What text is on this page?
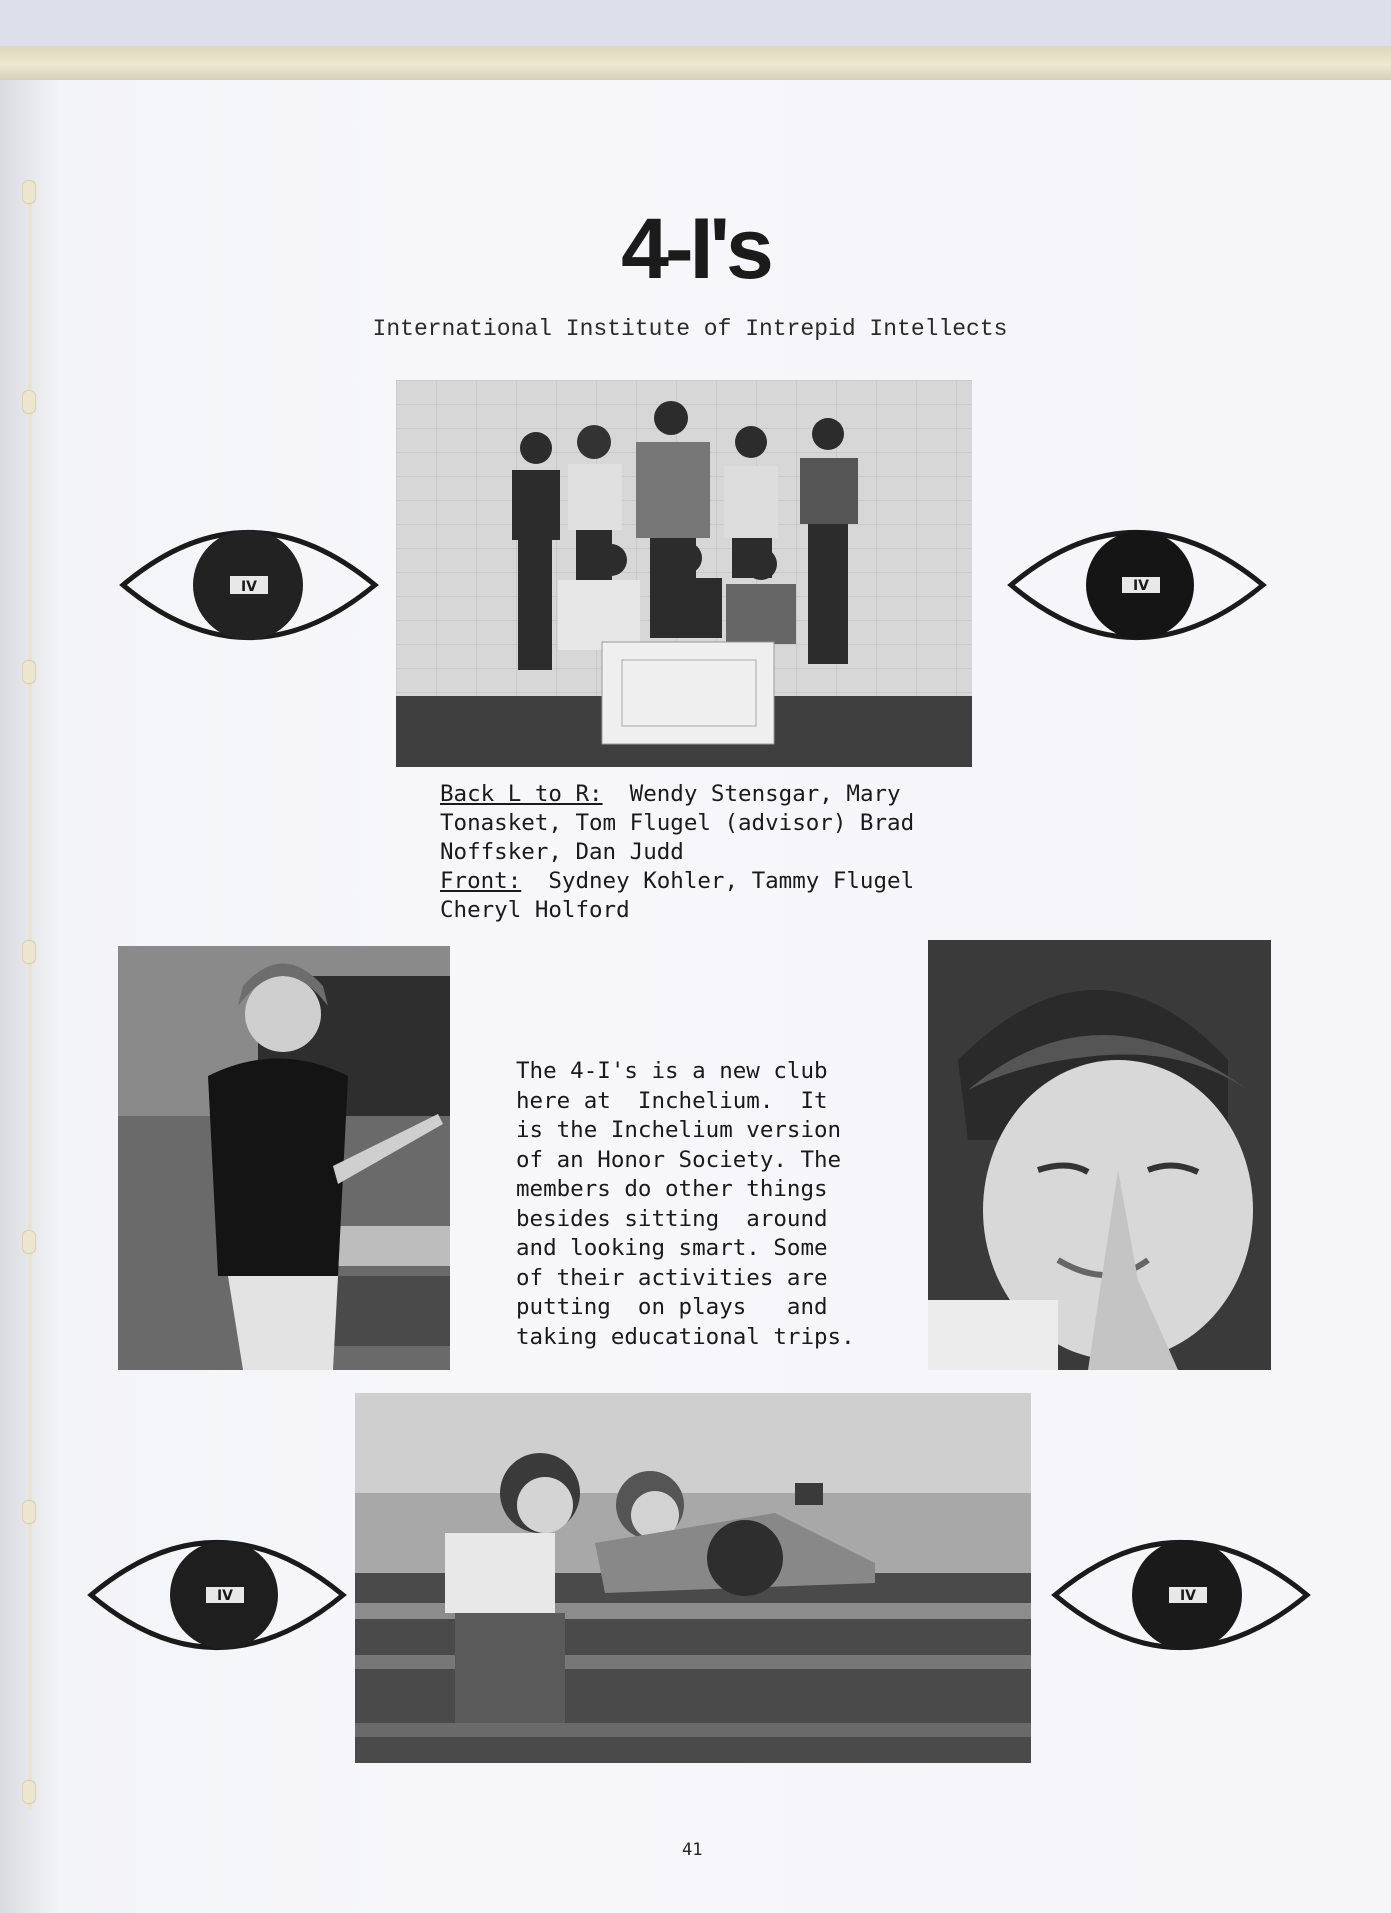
4-I's

International Institute of Intrepid Intellects

Back L to R:  Wendy Stensgar, Mary
Tonasket, Tom Flugel (advisor) Brad
Noffsker, Dan Judd
Front:  Sydney Kohler, Tammy Flugel
Cheryl Holford
The 4-I's is a new club
here at  Inchelium.  It
is the Inchelium version
of an Honor Society. The
members do other things
besides sitting  around
and looking smart. Some
of their activities are
putting  on plays   and
taking educational trips.
IV	IV
IV	IV
41
